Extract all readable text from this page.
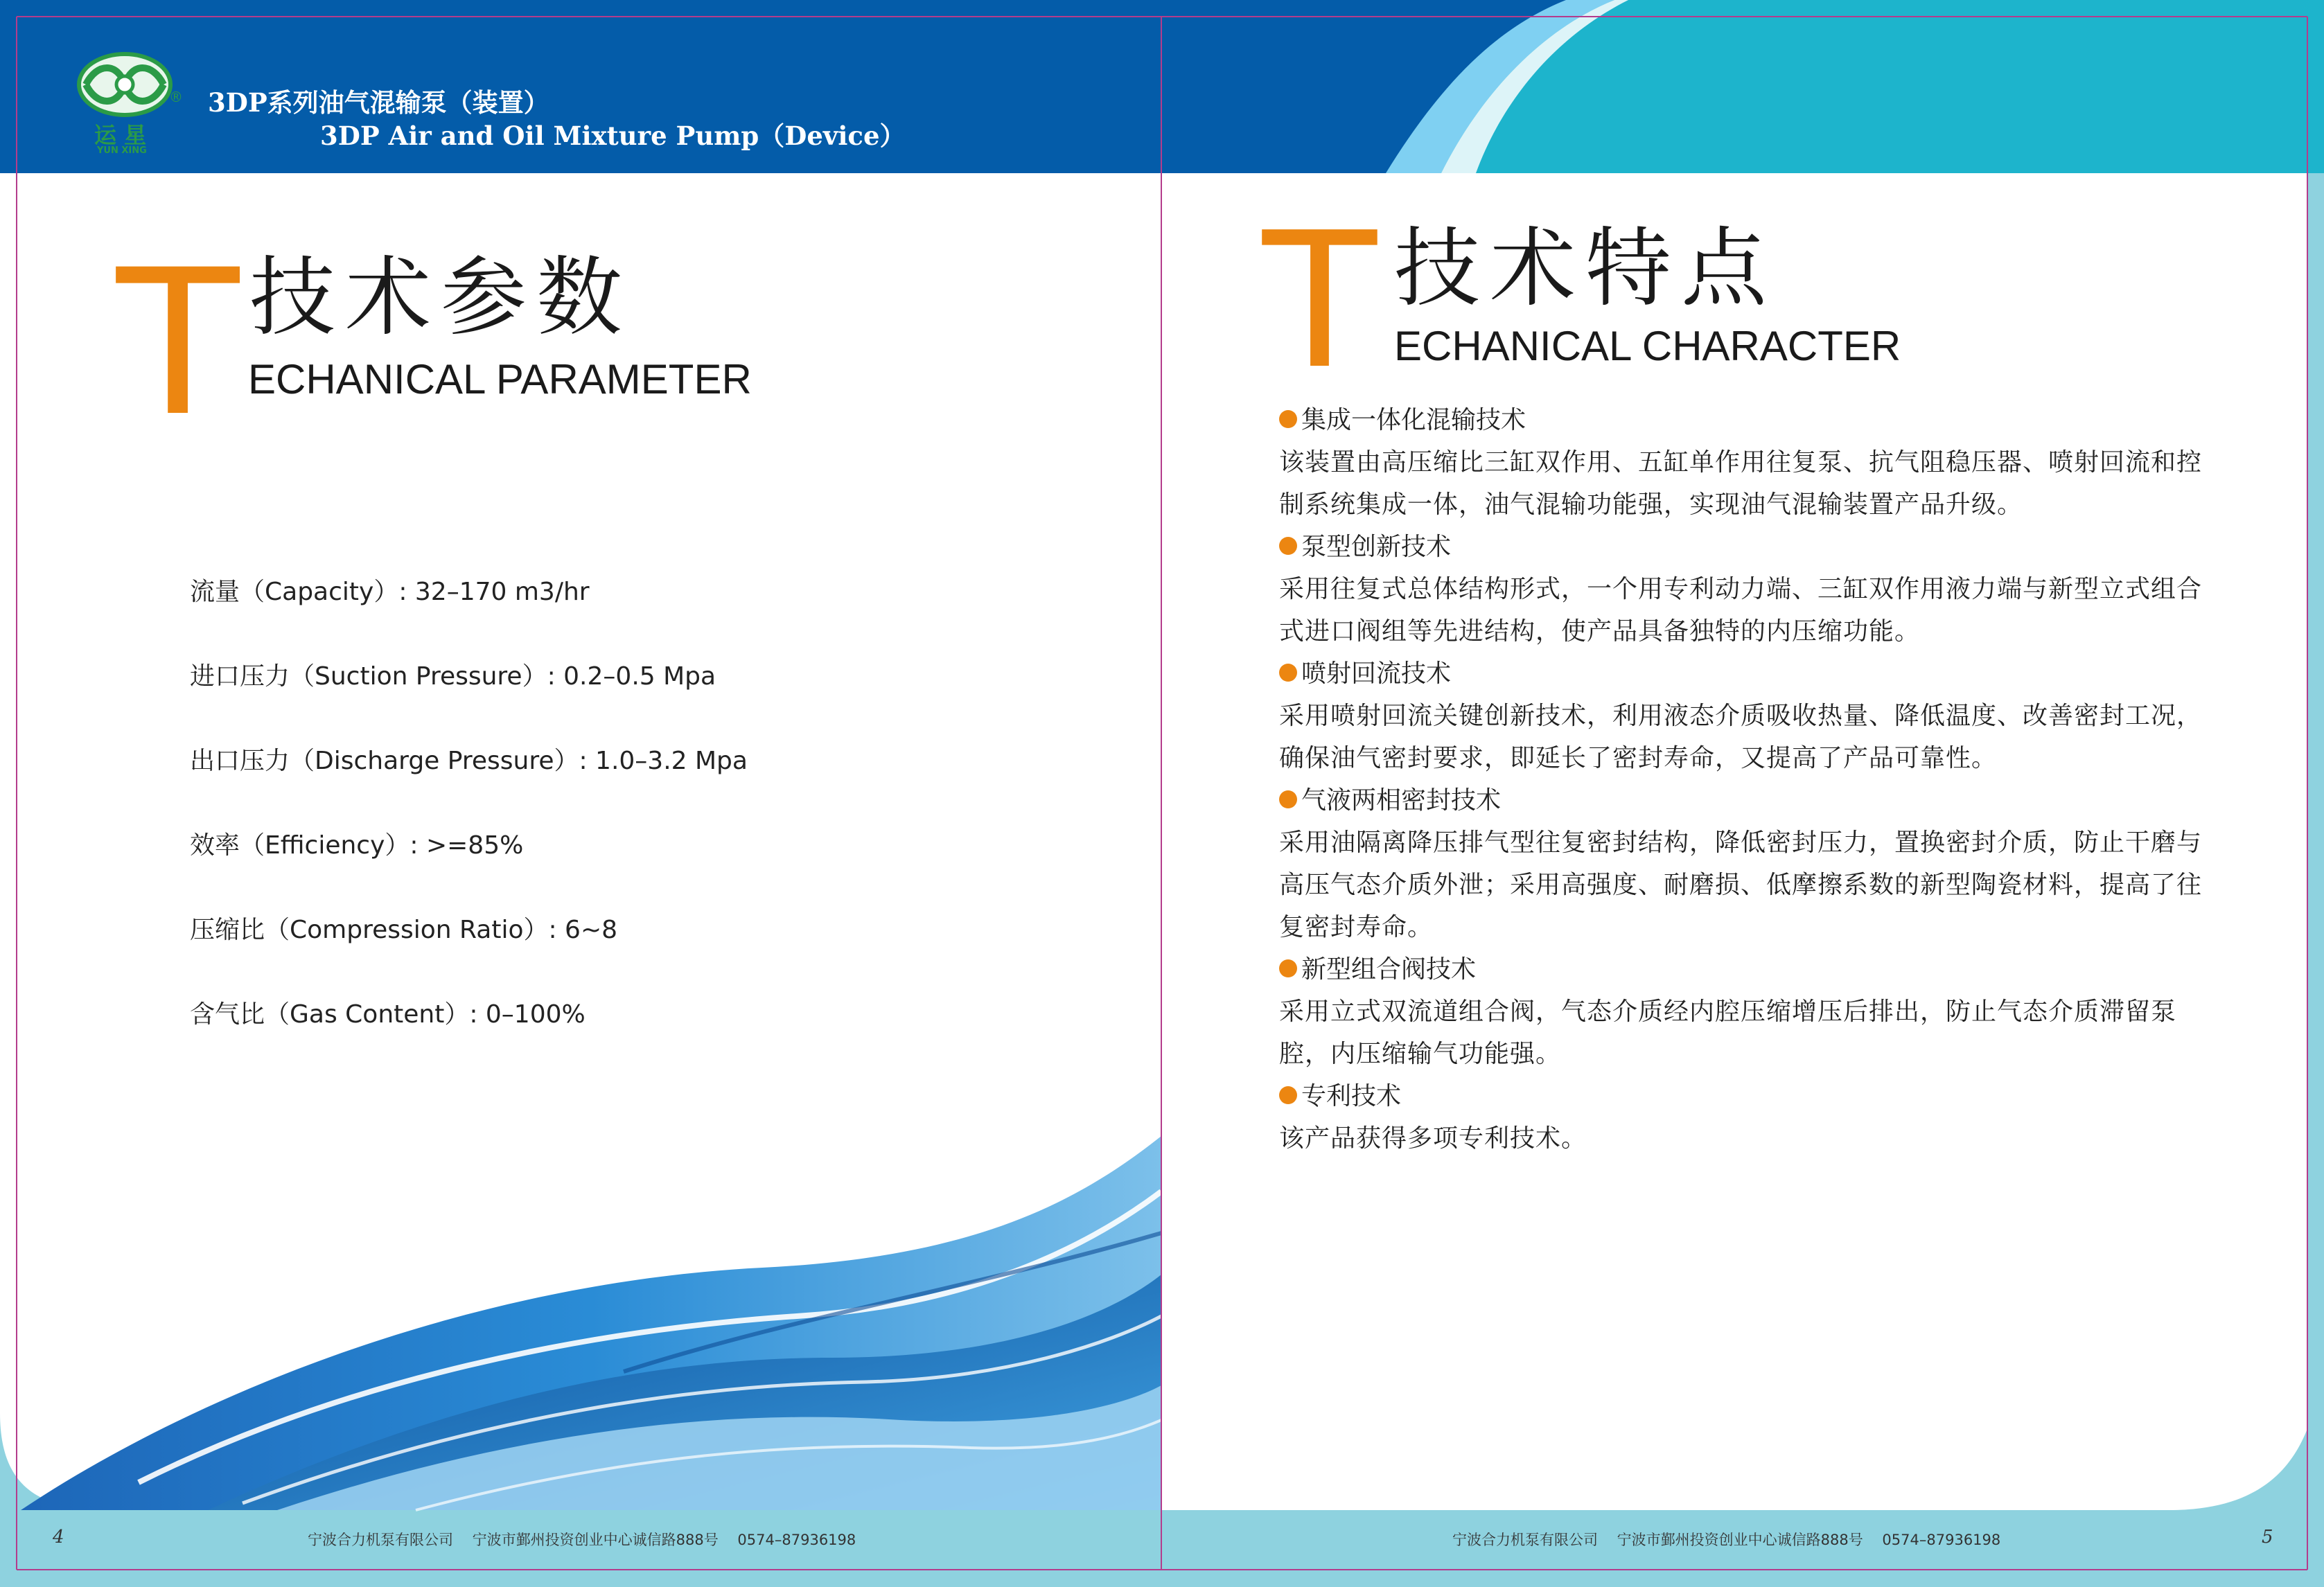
®
运 星
YUN XING
3DP系列油气混输泵（装置）
3DP Air and Oil Mixture Pump（Device）
T 技术参数
ECHANICAL PARAMETER
流量（Capacity）: 32–170 m3/hr
进口压力（Suction Pressure）: 0.2–0.5 Mpa
出口压力（Discharge Pressure）: 1.0–3.2 Mpa
效率（Efficiency）: >=85%
压缩比（Compression Ratio）: 6~8
含气比（Gas Content）: 0–100%
4	宁波合力机泵有限公司　 宁波市鄞州投资创业中心诚信路888号　 0574–87936198
T 技术特点
ECHANICAL CHARACTER
集成一体化混输技术
该装置由高压缩比三缸双作用、五缸单作用往复泵、抗气阻稳压器、喷射回流和控
制系统集成一体，油气混输功能强，实现油气混输装置产品升级。
泵型创新技术
采用往复式总体结构形式，一个用专利动力端、三缸双作用液力端与新型立式组合
式进口阀组等先进结构，使产品具备独特的内压缩功能。
喷射回流技术
采用喷射回流关键创新技术，利用液态介质吸收热量、降低温度、改善密封工况，
确保油气密封要求，即延长了密封寿命，又提高了产品可靠性。
气液两相密封技术
采用油隔离降压排气型往复密封结构，降低密封压力，置换密封介质，防止干磨与
高压气态介质外泄；采用高强度、耐磨损、低摩擦系数的新型陶瓷材料，提高了往
复密封寿命。
新型组合阀技术
采用立式双流道组合阀，气态介质经内腔压缩增压后排出，防止气态介质滞留泵
腔，内压缩输气功能强。
专利技术
该产品获得多项专利技术。
宁波合力机泵有限公司　 宁波市鄞州投资创业中心诚信路888号　 0574–87936198	5
